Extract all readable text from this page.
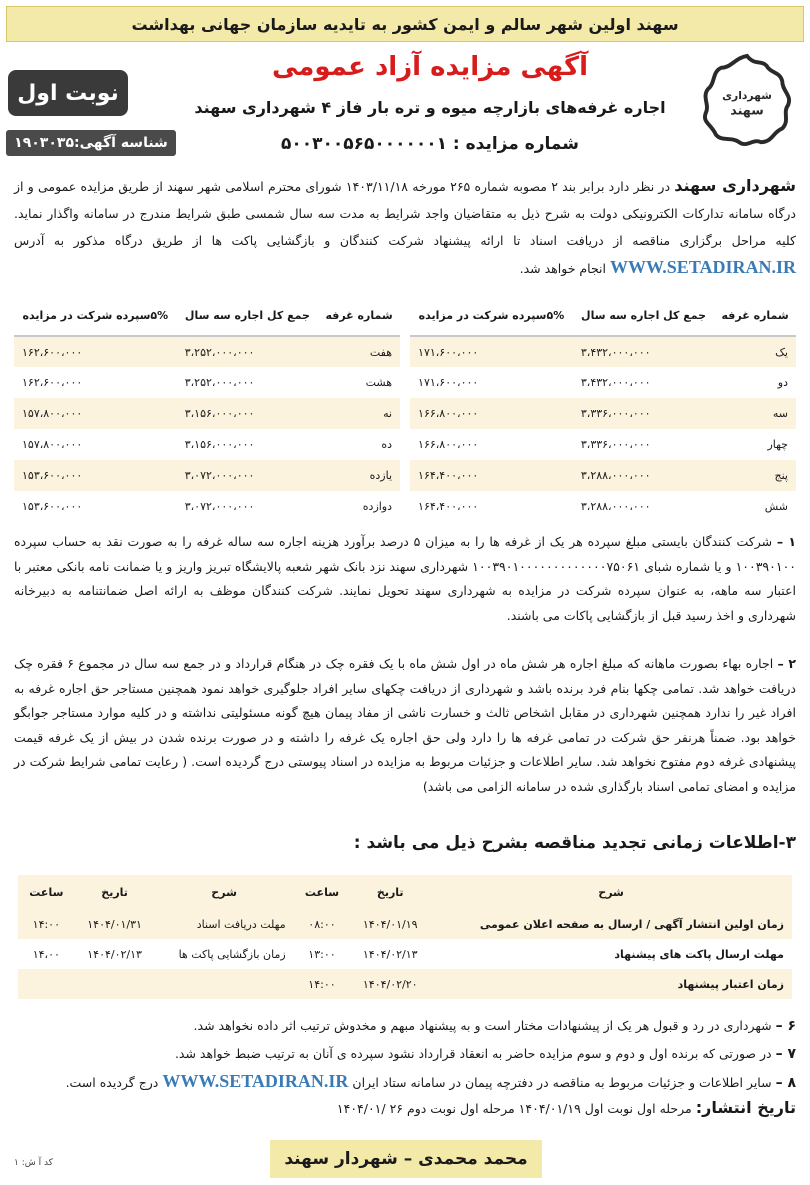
سهند اولین شهر سالم و ایمن کشور به تایدیه سازمان جهانی بهداشت
شهرداری
سهند
نوبت اول
شناسه آگهی:۱۹۰۳۰۳۵
آگهی مزایده آزاد عمومی
اجاره غرفه‌های بازارچه میوه و تره بار فاز ۴ شهرداری سهند
شماره مزایده : ۵۰۰۳۰۰۵۶۵۰۰۰۰۰۰۱
شهرداری سهند در نظر دارد برابر بند ۲ مصوبه شماره ۲۶۵ مورخه ۱۴۰۳/۱۱/۱۸ شورای محترم اسلامی شهر سهند از طریق مزایده عمومی و از درگاه سامانه تدارکات الکترونیکی دولت به شرح ذیل به متقاضیان واجد شرایط به مدت سه سال شمسی طبق شرایط مندرج در سامانه واگذار نماید. کلیه مراحل برگزاری مناقصه از دریافت اسناد تا ارائه پیشنهاد شرکت کنندگان و بازگشایی پاکت ها از طریق درگاه مذکور به آدرس WWW.SETADIRAN.IR انجام خواهد شد.
شماره غرفه	جمع کل اجاره سه سال	۵%سپرده شرکت در مزایده	شماره غرفه	جمع کل اجاره سه سال	۵%سپرده شرکت در مزایده
یک	۳،۴۳۲،۰۰۰،۰۰۰	۱۷۱،۶۰۰،۰۰۰	هفت	۳،۲۵۲،۰۰۰،۰۰۰	۱۶۲،۶۰۰،۰۰۰
دو	۳،۴۳۲،۰۰۰،۰۰۰	۱۷۱،۶۰۰،۰۰۰	هشت	۳،۲۵۲،۰۰۰،۰۰۰	۱۶۲،۶۰۰،۰۰۰
سه	۳،۳۳۶،۰۰۰،۰۰۰	۱۶۶،۸۰۰،۰۰۰	نه	۳،۱۵۶،۰۰۰،۰۰۰	۱۵۷،۸۰۰،۰۰۰
چهار	۳،۳۳۶،۰۰۰،۰۰۰	۱۶۶،۸۰۰،۰۰۰	ده	۳،۱۵۶،۰۰۰،۰۰۰	۱۵۷،۸۰۰،۰۰۰
پنج	۳،۲۸۸،۰۰۰،۰۰۰	۱۶۴،۴۰۰،۰۰۰	یازده	۳،۰۷۲،۰۰۰،۰۰۰	۱۵۳،۶۰۰،۰۰۰
شش	۳،۲۸۸،۰۰۰،۰۰۰	۱۶۴،۴۰۰،۰۰۰	دوازده	۳،۰۷۲،۰۰۰،۰۰۰	۱۵۳،۶۰۰،۰۰۰
۱ – شرکت کنندگان بایستی مبلغ سپرده هر یک از غرفه ها را به میزان ۵ درصد برآورد هزینه اجاره سه ساله غرفه را به صورت نقد به حساب سپرده ۱۰۰۳۹۰۱۰۰ و یا شماره شبای ۱۰۰۳۹۰۱۰۰۰۰۰۰۰۰۰۰۰۰۰۷۵۰۶۱ شهرداری سهند نزد بانک شهر شعبه پالایشگاه تبریز واریز و یا ضمانت نامه بانکی معتبر با اعتبار سه ماهه، به عنوان سپرده شرکت در مزایده به شهرداری سهند تحویل نمایند. شرکت کنندگان موظف به ارائه اصل ضمانتنامه به دبیرخانه شهرداری و اخذ رسید قبل از بازگشایی پاکات می باشند.
۲ – اجاره بهاء بصورت ماهانه که مبلغ اجاره هر شش ماه در اول شش ماه با یک فقره چک در هنگام قرارداد و در جمع سه سال در مجموع ۶ فقره چک دریافت خواهد شد. تمامی چکها بنام فرد برنده باشد و شهرداری از دریافت چکهای سایر افراد جلوگیری خواهد نمود همچنین مستاجر حق اجاره غرفه به افراد غیر را ندارد همچنین شهرداری در مقابل اشخاص ثالث و خسارت ناشی از مفاد پیمان هیچ گونه مسئولیتی نداشته و در کلیه موارد مستاجر جوابگو خواهد بود. ضمناً هرنفر حق شرکت در تمامی غرفه ها را دارد ولی حق اجاره یک غرفه را داشته و در صورت برنده شدن در بیش از یک غرفه قیمت پیشنهادی غرفه دوم مفتوح نخواهد شد. سایر اطلاعات و جزئیات مربوط به مزایده در اسناد پیوستی درج گردیده است. ( رعایت تمامی شرایط شرکت در مزایده و امضای تمامی اسناد بارگذاری شده در سامانه الزامی می باشد)
۳-اطلاعات زمانی تجدید مناقصه بشرح ذیل می باشد :
شرح	تاریخ	ساعت	شرح	تاریخ	ساعت
زمان اولین انتشار آگهی / ارسال به صفحه اعلان عمومی	۱۴۰۴/۰۱/۱۹	۰۸:۰۰	مهلت دریافت اسناد	۱۴۰۴/۰۱/۳۱	۱۴:۰۰
مهلت ارسال پاکت های پیشنهاد	۱۴۰۴/۰۲/۱۳	۱۳:۰۰	زمان بازگشایی پاکت ها	۱۴۰۴/۰۲/۱۳	۱۴،۰۰
زمان اعتبار پیشنهاد	۱۴۰۴/۰۲/۲۰	۱۴:۰۰			
۶ – شهرداری در رد و قبول هر یک از پیشنهادات مختار است و به پیشنهاد مبهم و مخدوش ترتیب اثر داده نخواهد شد.
۷ – در صورتی که برنده اول و دوم و سوم مزایده حاضر به انعقاد قرارداد نشود سپرده ی آنان به ترتیب ضبط خواهد شد.
۸ – سایر اطلاعات و جزئیات مربوط به مناقصه در دفترچه پیمان در سامانه ستاد ایران WWW.SETADIRAN.IR درج گردیده است.
تاریخ انتشار: مرحله اول نوبت اول ۱۴۰۴/۰۱/۱۹ مرحله اول نوبت دوم ۲۶ /۱۴۰۴/۰۱
کد آ ش: ۱	محمد محمدی – شهردار سهند
